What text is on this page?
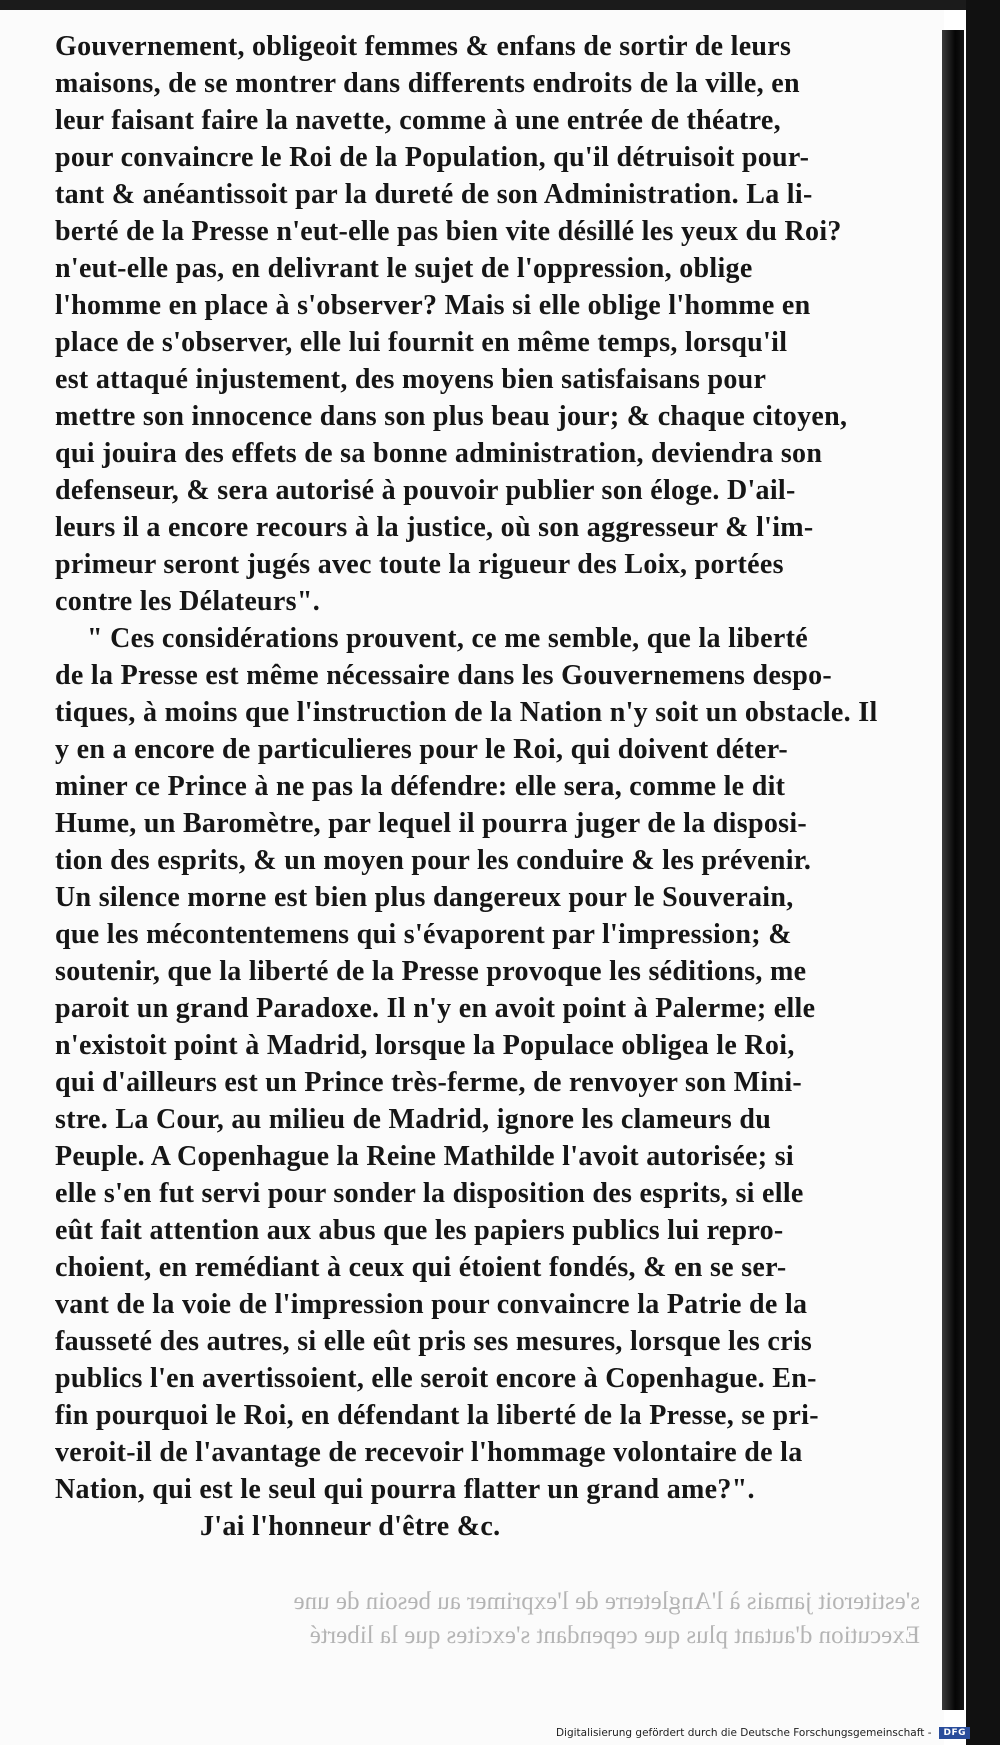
Gouvernement, obligeoit femmes & enfans de sortir de leurs
maisons, de se montrer dans differents endroits de la ville, en
leur faisant faire la navette, comme à une entrée de théatre,
pour convaincre le Roi de la Population, qu'il détruisoit pour-
tant & anéantissoit par la dureté de son Administration. La li-
berté de la Presse n'eut-elle pas bien vite désillé les yeux du Roi?
n'eut-elle pas, en delivrant le sujet de l'oppression, oblige
l'homme en place à s'observer? Mais si elle oblige l'homme en
place de s'observer, elle lui fournit en même temps, lorsqu'il
est attaqué injustement, des moyens bien satisfaisans pour
mettre son innocence dans son plus beau jour; & chaque citoyen,
qui jouira des effets de sa bonne administration, deviendra son
defenseur, & sera autorisé à pouvoir publier son éloge. D'ail-
leurs il a encore recours à la justice, où son aggresseur & l'im-
primeur seront jugés avec toute la rigueur des Loix, portées
contre les Délateurs".
" Ces considérations prouvent, ce me semble, que la liberté
de la Presse est même nécessaire dans les Gouvernemens despo-
tiques, à moins que l'instruction de la Nation n'y soit un obstacle. Il
y en a encore de particulieres pour le Roi, qui doivent déter-
miner ce Prince à ne pas la défendre: elle sera, comme le dit
Hume, un Baromètre, par lequel il pourra juger de la disposi-
tion des esprits, & un moyen pour les conduire & les prévenir.
Un silence morne est bien plus dangereux pour le Souverain,
que les mécontentemens qui s'évaporent par l'impression; &
soutenir, que la liberté de la Presse provoque les séditions, me
paroit un grand Paradoxe. Il n'y en avoit point à Palerme; elle
n'existoit point à Madrid, lorsque la Populace obligea le Roi,
qui d'ailleurs est un Prince très-ferme, de renvoyer son Mini-
stre. La Cour, au milieu de Madrid, ignore les clameurs du
Peuple. A Copenhague la Reine Mathilde l'avoit autorisée; si
elle s'en fut servi pour sonder la disposition des esprits, si elle
eût fait attention aux abus que les papiers publics lui repro-
choient, en remédiant à ceux qui étoient fondés, & en se ser-
vant de la voie de l'impression pour convaincre la Patrie de la
fausseté des autres, si elle eût pris ses mesures, lorsque les cris
publics l'en avertissoient, elle seroit encore à Copenhague. En-
fin pourquoi le Roi, en défendant la liberté de la Presse, se pri-
veroit-il de l'avantage de recevoir l'hommage volontaire de la
Nation, qui est le seul qui pourra flatter un grand ame?".
J'ai l'honneur d'être &c.
s'estiteroit jamais à l'Angleterre de l'exprimer au besoin de une
Execution d'autant plus que cependant s'excites que la liberté
Digitalisierung gefördert durch die Deutsche Forschungsgemeinschaft -	DFG
